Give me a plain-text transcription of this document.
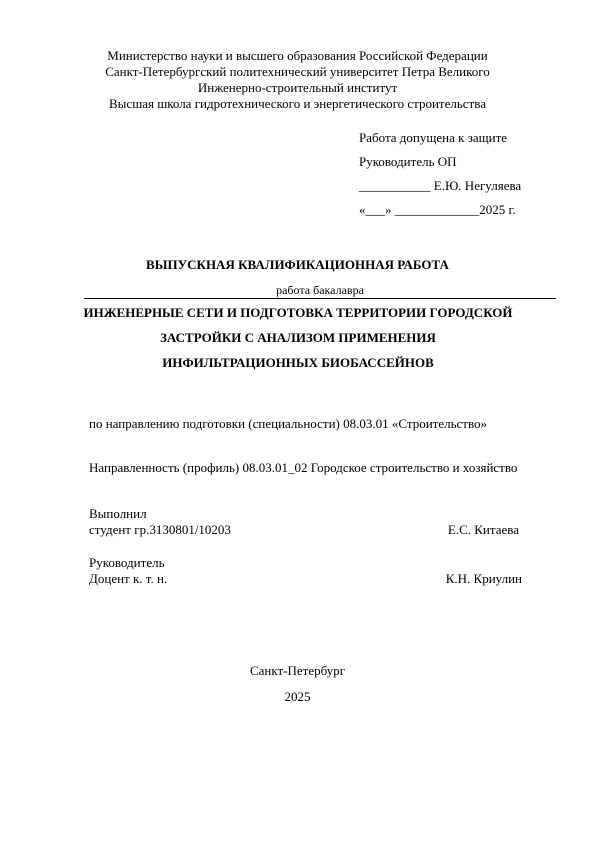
Министерство науки и высшего образования Российской Федерации
Санкт-Петербургский политехнический университет Петра Великого
Инженерно-строительный институт
Высшая школа гидротехнического и энергетического строительства
Работа допущена к защите
Руководитель ОП
___________ Е.Ю. Негуляева
«___» _____________2025 г.
ВЫПУСКНАЯ КВАЛИФИКАЦИОННАЯ РАБОТА
работа бакалавра
ИНЖЕНЕРНЫЕ СЕТИ И ПОДГОТОВКА ТЕРРИТОРИИ ГОРОДСКОЙ
ЗАСТРОЙКИ С АНАЛИЗОМ ПРИМЕНЕНИЯ
ИНФИЛЬТРАЦИОННЫХ БИОБАССЕЙНОВ
по направлению подготовки (специальности) 08.03.01 «Строительство»
Направленность (профиль) 08.03.01_02 Городское строительство и хозяйство
Выполнил
студент гр.3130801/10203	Е.С. Китаева
Руководитель
Доцент к. т. н.	К.Н. Криулин
Санкт-Петербург
2025
